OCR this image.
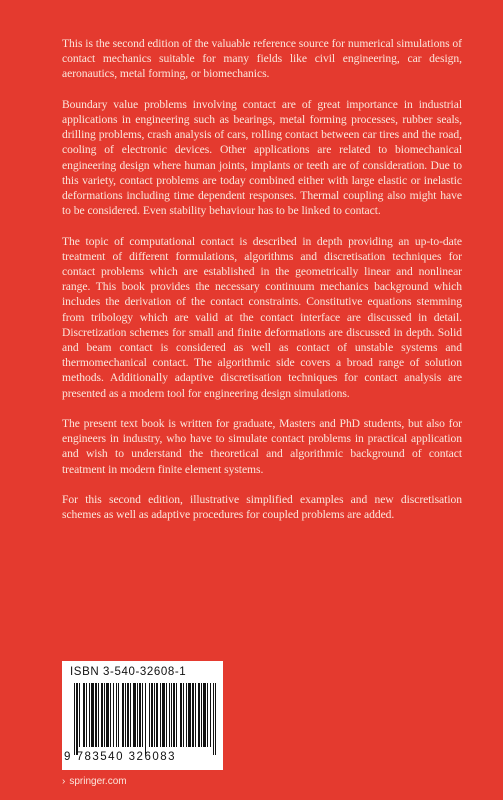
This is the second edition of the valuable reference source for numerical simulations of contact mechanics suitable for many fields like civil engineering, car design, aeronautics, metal forming, or biomechanics.

Boundary value problems involving contact are of great importance in industrial applications in engineering such as bearings, metal forming processes, rubber seals, drilling problems, crash analysis of cars, rolling contact between car tires and the road, cooling of electronic devices. Other applications are related to biomechanical engineering design where human joints, implants or teeth are of consideration. Due to this variety, contact problems are today combined either with large elastic or inelastic deformations including time dependent responses. Thermal coupling also might have to be considered. Even stability behaviour has to be linked to contact.

The topic of computational contact is described in depth providing an up-to-date treatment of different formulations, algorithms and discretisation techniques for contact problems which are established in the geometrically linear and nonlinear range. This book provides the necessary continuum mechanics background which includes the derivation of the contact constraints. Constitutive equations stemming from tribology which are valid at the contact interface are discussed in detail. Discretization schemes for small and finite deformations are discussed in depth. Solid and beam contact is considered as well as contact of unstable systems and thermomechanical contact. The algorithmic side covers a broad range of solution methods. Additionally adaptive discretisation techniques for contact analysis are presented as a modern tool for engineering design simulations.

The present text book is written for graduate, Masters and PhD students, but also for engineers in industry, who have to simulate contact problems in practical application and wish to understand the theoretical and algorithmic background of contact treatment in modern finite element systems.

For this second edition, illustrative simplified examples and new discretisation schemes as well as adaptive procedures for coupled problems are added.

ISBN 3-540-32608-1
9 783540 326083
› springer.com
